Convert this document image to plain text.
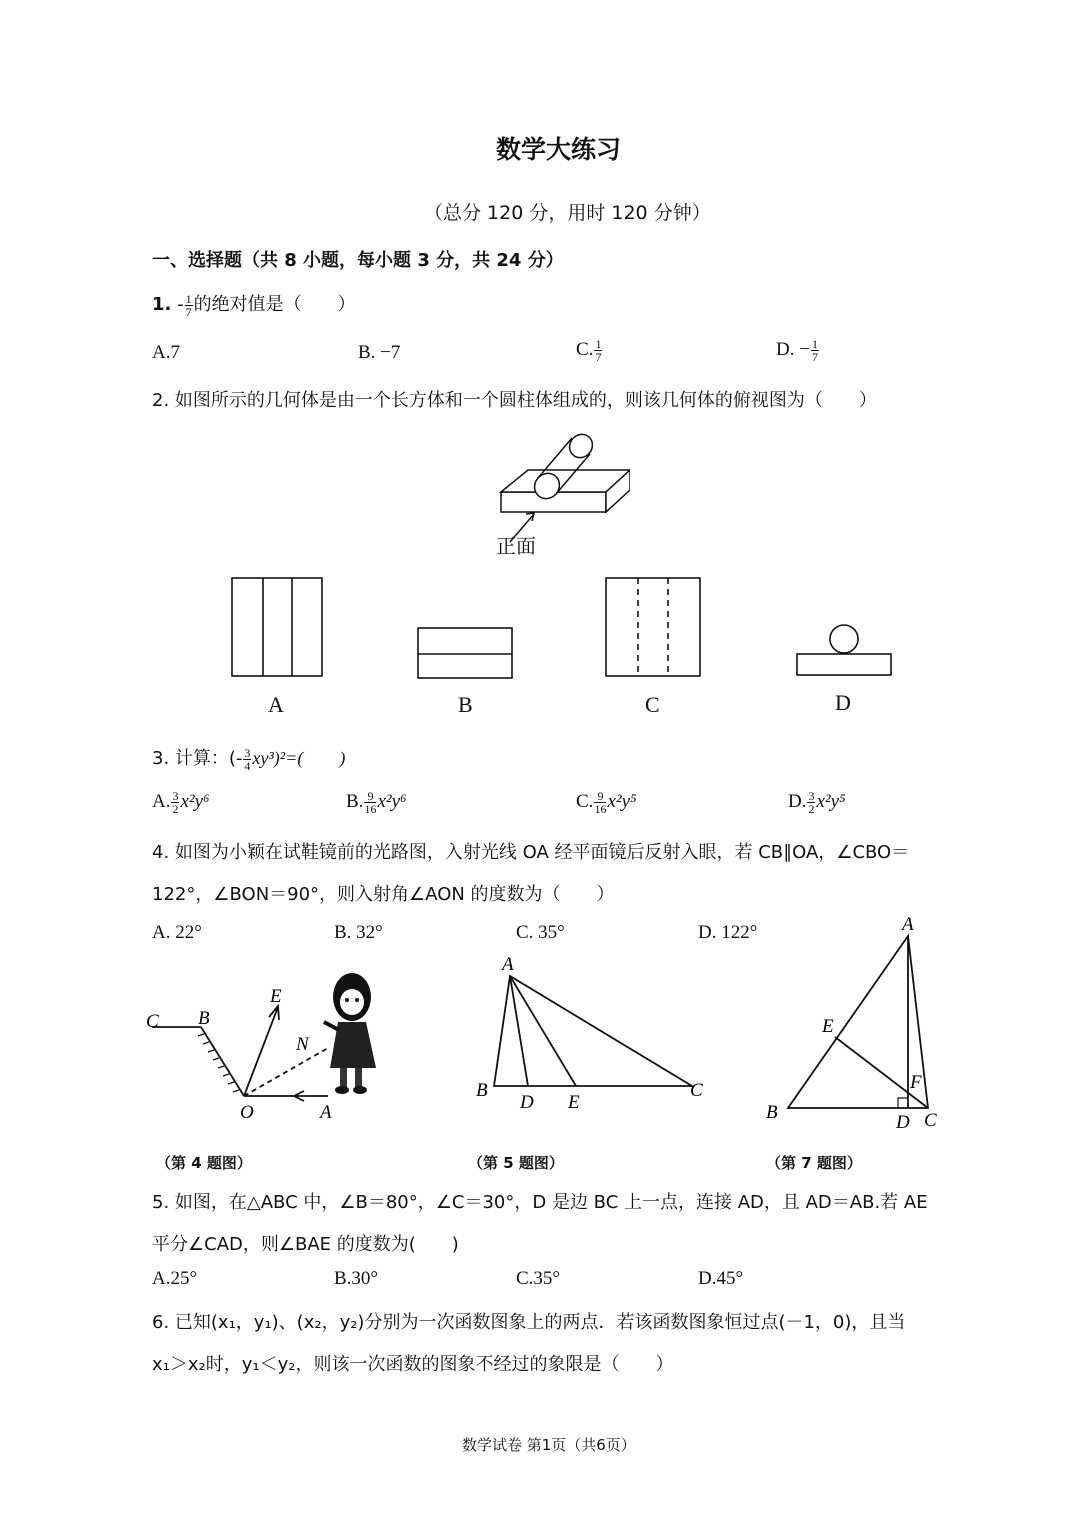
数学大练习
（总分 120 分，用时 120 分钟）
一、选择题（共 8 小题，每小题 3 分，共 24 分）
1. - $\frac{1}{7}$ 的绝对值是（　　）
A.7	B. −7	C. $\frac{1}{7}$	D. − $\frac{1}{7}$
2. 如图所示的几何体是由一个长方体和一个圆柱体组成的，则该几何体的俯视图为（　　）
正面
A	B	C	D
3. 计算：(- $\frac{3}{4} xy^3)^2=$(　　)
A. $\frac{3}{2} x^2y^6$	B. $\frac{9}{16} x^2y^6$	C. $\frac{9}{16} x^2y^5$	D. $\frac{3}{2} x^2y^5$
4. 如图为小颖在试鞋镜前的光路图，入射光线 OA 经平面镜后反射入眼，若 CB∥OA，∠CBO＝
122°，∠BON＝90°，则入射角∠AON 的度数为（　　）
A. 22°	B. 32°	C. 35°	D. 122°
C B
E
N
O	A
（第 4 题图）
A
B
D E
C
（第 5 题图）
A
E
F
B	D C
（第 7 题图）
5. 如图，在△ABC 中，∠B＝80°，∠C＝30°，D 是边 BC 上一点，连接 AD，且 AD＝AB.若 AE
平分∠CAD，则∠BAE 的度数为(　　)
A.25°	B.30°	C.35°	D.45°
6. 已知(x₁，y₁)、(x₂，y₂)分别为一次函数图象上的两点．若该函数图象恒过点(－1，0)，且当
x₁＞x₂时，y₁＜y₂，则该一次函数的图象不经过的象限是（　　）
数学试卷 第1页（共6页）
